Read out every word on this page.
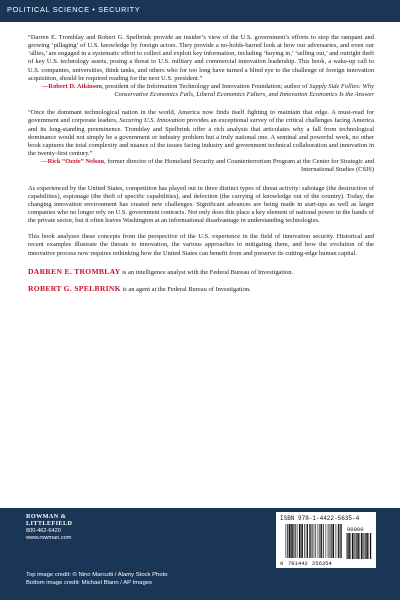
POLITICAL SCIENCE • SECURITY

“Darren E. Tromblay and Robert G. Spelbrink provide an insider’s view of the U.S. government’s efforts to stop the rampant and growing ‘pillaging’ of U.S. knowledge by foreign actors. They provide a no-holds-barred look at how our adversaries, and even our ‘allies,’ are engaged in a systematic effort to collect and exploit key information, including ‘buying in,’ ‘selling out,’ and outright theft of key U.S. technology assets, posing a threat to U.S. military and commercial innovation leadership. This book, a wake-up call to U.S. companies, universities, think tanks, and others who for too long have turned a blind eye to the challenge of foreign innovation acquisition, should be required reading for the next U.S. president.”

—Robert D. Atkinson, president of the Information Technology and Innovation Foundation; author of Supply Side Follies: Why Conservative Economics Fails, Liberal Economics Falters, and Innovation Economics Is the Answer

“Once the dominant technological nation in the world, America now finds itself fighting to maintain that edge. A must-read for government and corporate leaders, Securing U.S. Innovation provides an exceptional survey of the critical challenges facing America and its long-standing preeminence. Tromblay and Spelbrink offer a rich analysis that articulates why a fall from technological dominance would not simply be a government or industry problem but a truly national one. A seminal and powerful work, no other book captures the total complexity and nuance of the issues facing industry and government technical collaboration and innovation in the twenty-first century.”

—Rick “Ozzie” Nelson, former director of the Homeland Security and Counterterrorism Program at the Center for Strategic and International Studies (CSIS)

As experienced by the United States, competition has played out in three distinct types of threat activity: sabotage (the destruction of capabilities), espionage (the theft of specific capabilities), and defection (the carrying of knowledge out of the country). Today, the changing innovation environment has created new challenges. Significant advances are being made in start-ups as well as larger companies who no longer rely on U.S. government contracts. Not only does this place a key element of national power in the hands of the private sector, but it often leaves Washington at an informational disadvantage in understanding technologies.

This book analyzes these concepts from the perspective of the U.S. experience in the field of innovation security. Historical and recent examples illustrate the threats to innovation, the various approaches to mitigating them, and how the evolution of the innovative process now requires rethinking how the United States can benefit from and preserve its cutting-edge human capital.

DARREN E. TROMBLAY is an intelligence analyst with the Federal Bureau of Investigation.

ROBERT G. SPELBRINK is an agent at the Federal Bureau of Investigation.

ROWMAN &
LITTLEFIELD
800-462-6420
www.rowman.com
Top image credit: © Nino Marcutti / Alamy Stock Photo
Bottom image credit: Michael Blann / AP Images
ISBN 978-1-4422-5635-4
9 781442 256354
90000
